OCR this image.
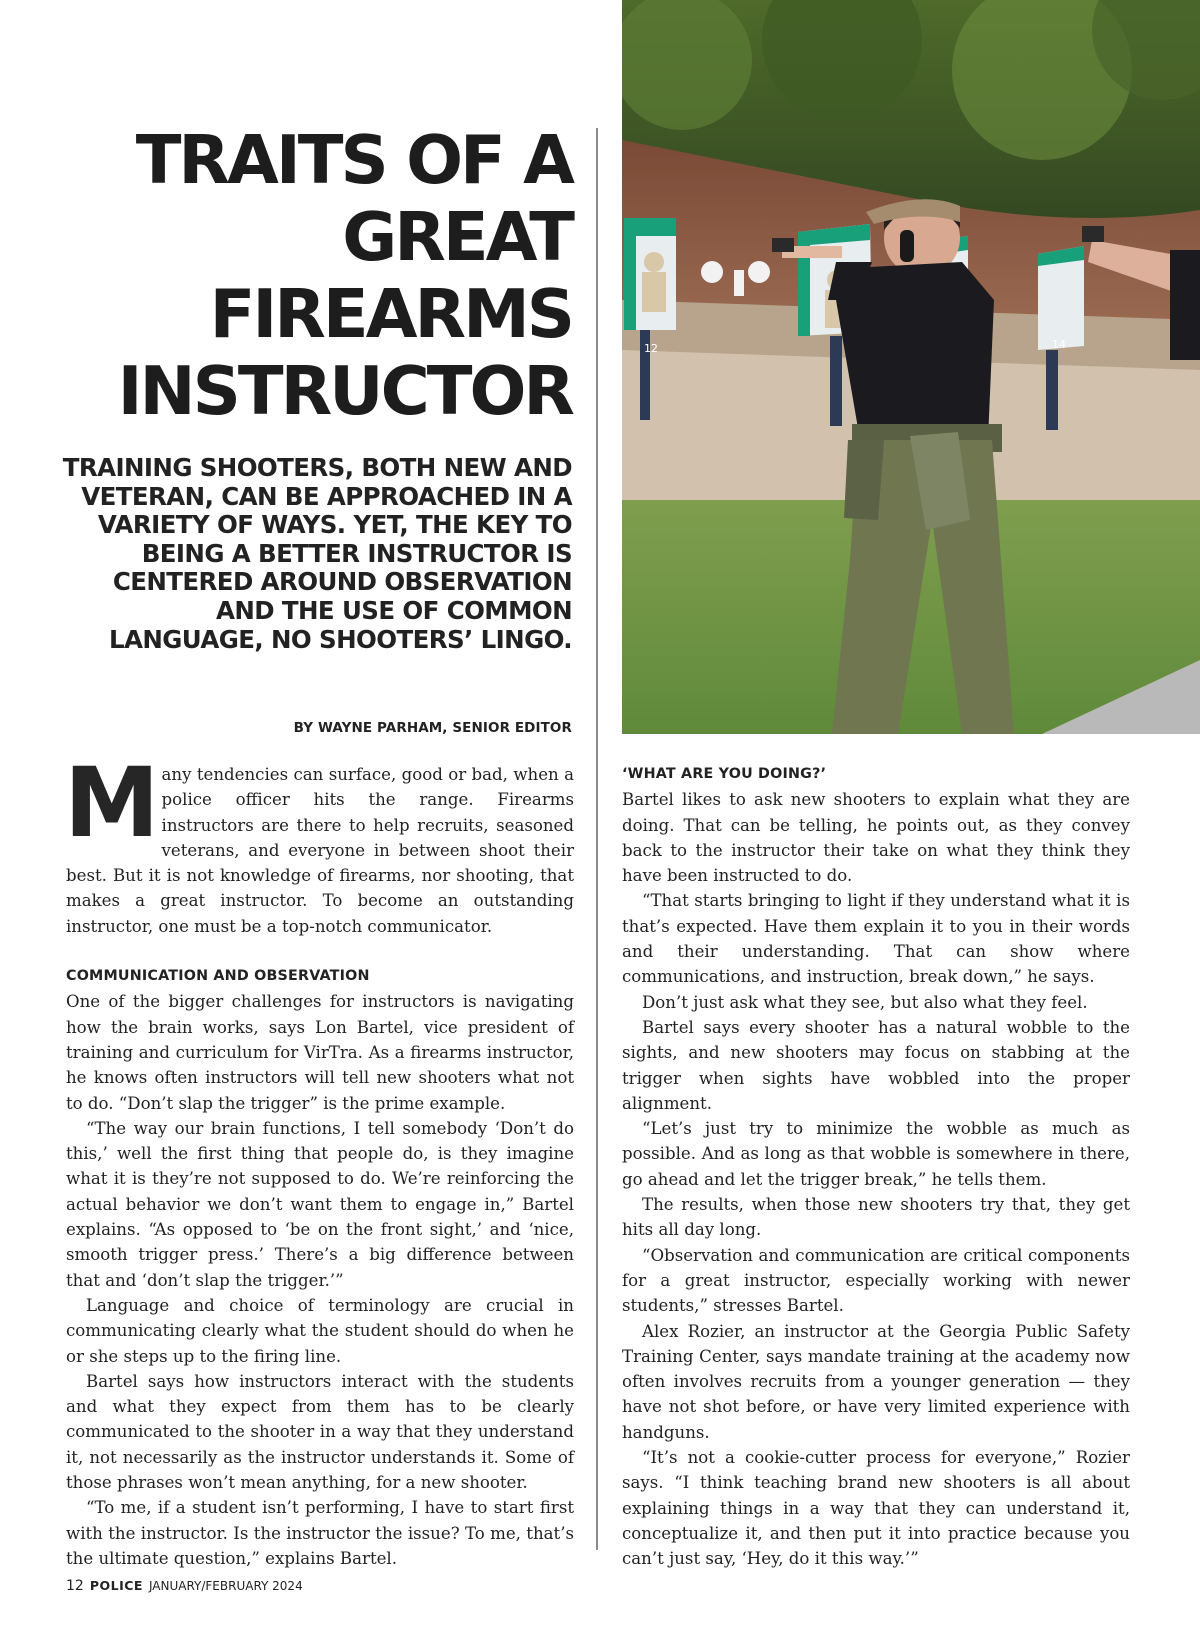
TRAITS OF A GREAT FIREARMS INSTRUCTOR
TRAINING SHOOTERS, BOTH NEW AND VETERAN, CAN BE APPROACHED IN A VARIETY OF WAYS. YET, THE KEY TO BEING A BETTER INSTRUCTOR IS CENTERED AROUND OBSERVATION AND THE USE OF COMMON LANGUAGE, NO SHOOTERS’ LINGO.
BY WAYNE PARHAM, SENIOR EDITOR
12	14

Many tendencies can surface, good or bad, when a police officer hits the range. Firearms instructors are there to help recruits, seasoned veterans, and everyone in between shoot their best. But it is not knowledge of firearms, nor shooting, that makes a great instructor. To become an outstanding instructor, one must be a top-notch communicator.

COMMUNICATION AND OBSERVATION

One of the bigger challenges for instructors is navigating how the brain works, says Lon Bartel, vice president of training and curriculum for VirTra. As a firearms instructor, he knows often instructors will tell new shooters what not to do. “Don’t slap the trigger” is the prime example.

“The way our brain functions, I tell somebody ‘Don’t do this,’ well the first thing that people do, is they imagine what it is they’re not supposed to do. We’re reinforcing the actual behavior we don’t want them to engage in,” Bartel explains. “As opposed to ‘be on the front sight,’ and ‘nice, smooth trigger press.’ There’s a big difference between that and ‘don’t slap the trigger.’”

Language and choice of terminology are crucial in communicating clearly what the student should do when he or she steps up to the firing line.

Bartel says how instructors interact with the students and what they expect from them has to be clearly communicated to the shooter in a way that they understand it, not necessarily as the instructor understands it. Some of those phrases won’t mean anything, for a new shooter.

“To me, if a student isn’t performing, I have to start first with the instructor. Is the instructor the issue? To me, that’s the ultimate question,” explains Bartel.

‘WHAT ARE YOU DOING?’

Bartel likes to ask new shooters to explain what they are doing. That can be telling, he points out, as they convey back to the instructor their take on what they think they have been instructed to do.

“That starts bringing to light if they understand what it is that’s expected. Have them explain it to you in their words and their understanding. That can show where communications, and instruction, break down,” he says.

Don’t just ask what they see, but also what they feel.

Bartel says every shooter has a natural wobble to the sights, and new shooters may focus on stabbing at the trigger when sights have wobbled into the proper alignment.

“Let’s just try to minimize the wobble as much as possible. And as long as that wobble is somewhere in there, go ahead and let the trigger break,” he tells them.

The results, when those new shooters try that, they get hits all day long.

“Observation and communication are critical components for a great instructor, especially working with newer students,” stresses Bartel.

Alex Rozier, an instructor at the Georgia Public Safety Training Center, says mandate training at the academy now often involves recruits from a younger generation — they have not shot before, or have very limited experience with handguns.

“It’s not a cookie-cutter process for everyone,” Rozier says. “I think teaching brand new shooters is all about explaining things in a way that they can understand it, conceptualize it, and then put it into practice because you can’t just say, ‘Hey, do it this way.’”

12 POLICE JANUARY/FEBRUARY 2024
